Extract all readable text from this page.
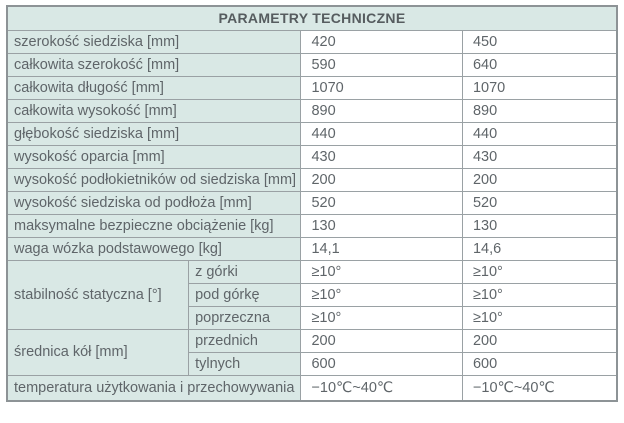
PARAMETRY TECHNICZNE			
szerokość siedziska [mm]		420	450
całkowita szerokość [mm]		590	640
całkowita długość [mm]		1070	1070
całkowita wysokość [mm]		890	890
głębokość siedziska [mm]		440	440
wysokość oparcia [mm]		430	430
wysokość podłokietników od siedziska [mm]		200	200
wysokość siedziska od podłoża [mm]		520	520
maksymalne bezpieczne obciążenie [kg]		130	130
waga wózka podstawowego [kg]		14,1	14,6
stabilność statyczna [°]	z górki	≥10°	≥10°
	pod górkę	≥10°	≥10°
	poprzeczna	≥10°	≥10°
średnica kół [mm]	przednich	200	200
	tylnych	600	600
temperatura użytkowania i przechowywania		−10℃~40℃	−10℃~40℃
